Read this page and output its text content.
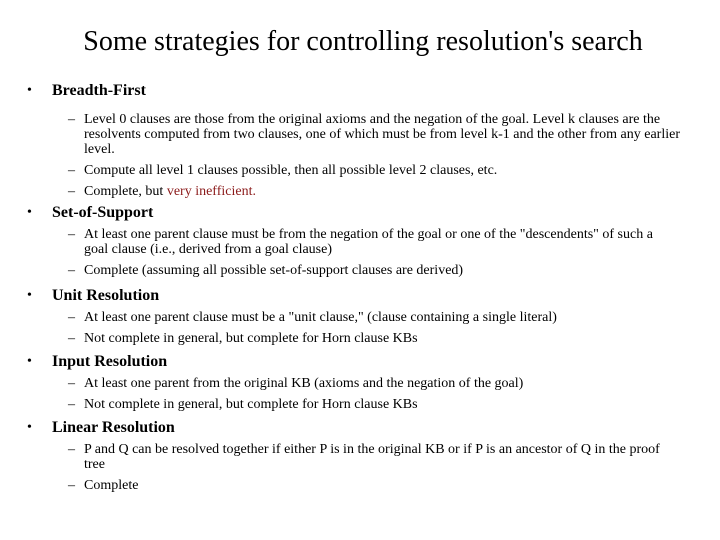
Some strategies for controlling resolution's search
• Breadth-First
– Level 0 clauses are those from the original axioms and the negation of the goal. Level k clauses are the resolvents computed from two clauses, one of which must be from level k-1 and the other from any earlier level.
– Compute all level 1 clauses possible, then all possible level 2 clauses, etc.
– Complete, but very inefficient.
• Set-of-Support
– At least one parent clause must be from the negation of the goal or one of the "descendents" of such a goal clause (i.e., derived from a goal clause)
– Complete (assuming all possible set-of-support clauses are derived)
• Unit Resolution
– At least one parent clause must be a "unit clause," (clause containing a single literal)
– Not complete in general, but complete for Horn clause KBs
• Input Resolution
– At least one parent from the original KB (axioms and the negation of the goal)
– Not complete in general, but complete for Horn clause KBs
• Linear Resolution
– P and Q can be resolved together if either P is in the original KB or if P is an ancestor of Q in the proof tree
– Complete
